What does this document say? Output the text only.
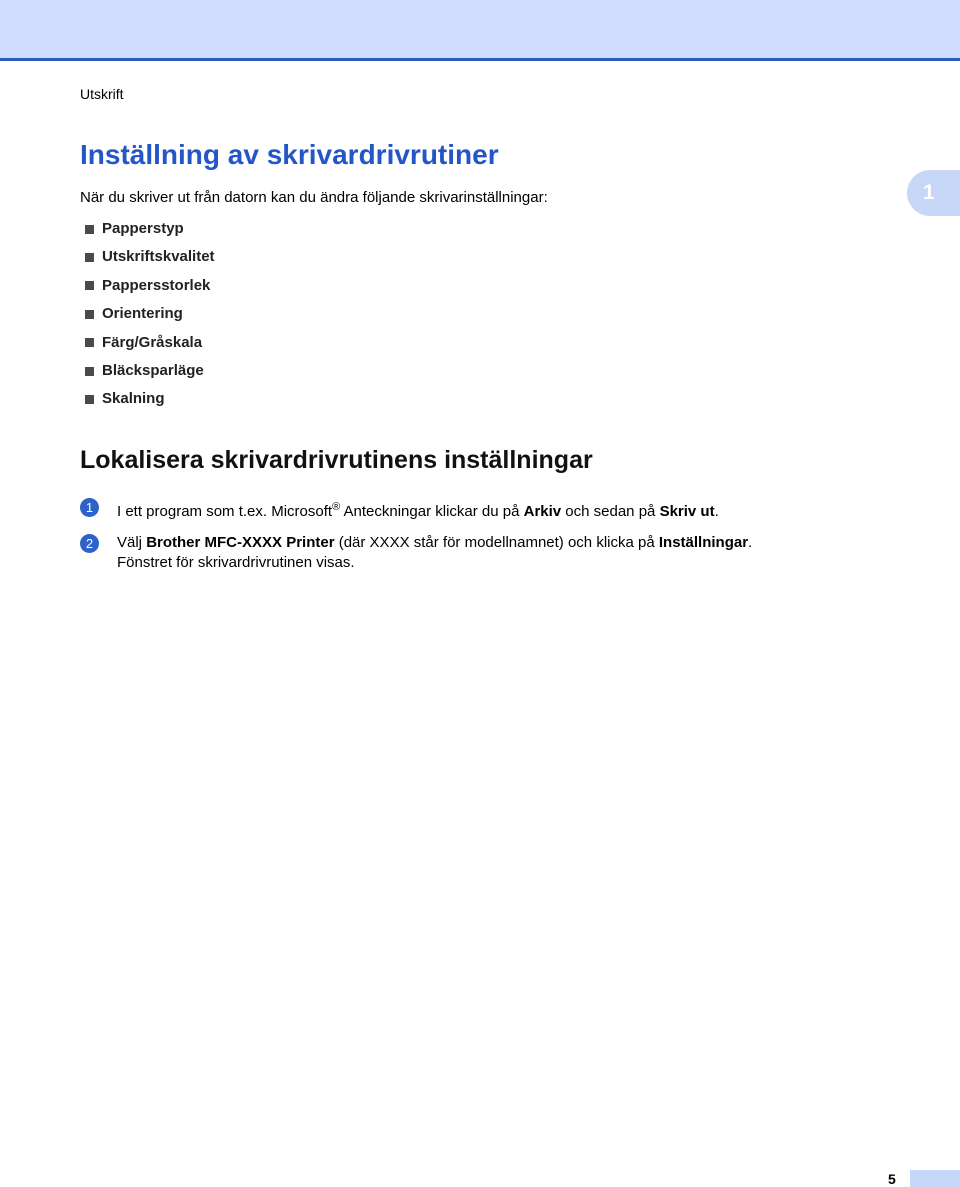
Utskrift
1
Inställning av skrivardrivrutiner

När du skriver ut från datorn kan du ändra följande skrivarinställningar:

Papperstyp
Utskriftskvalitet
Pappersstorlek
Orientering
Färg/Gråskala
Bläcksparläge
Skalning
Lokalisera skrivardrivrutinens inställningar
1	I ett program som t.ex. Microsoft® Anteckningar klickar du på Arkiv och sedan på Skriv ut.
2	Välj Brother MFC-XXXX Printer (där XXXX står för modellnamnet) och klicka på Inställningar.
Fönstret för skrivardrivrutinen visas.
5
